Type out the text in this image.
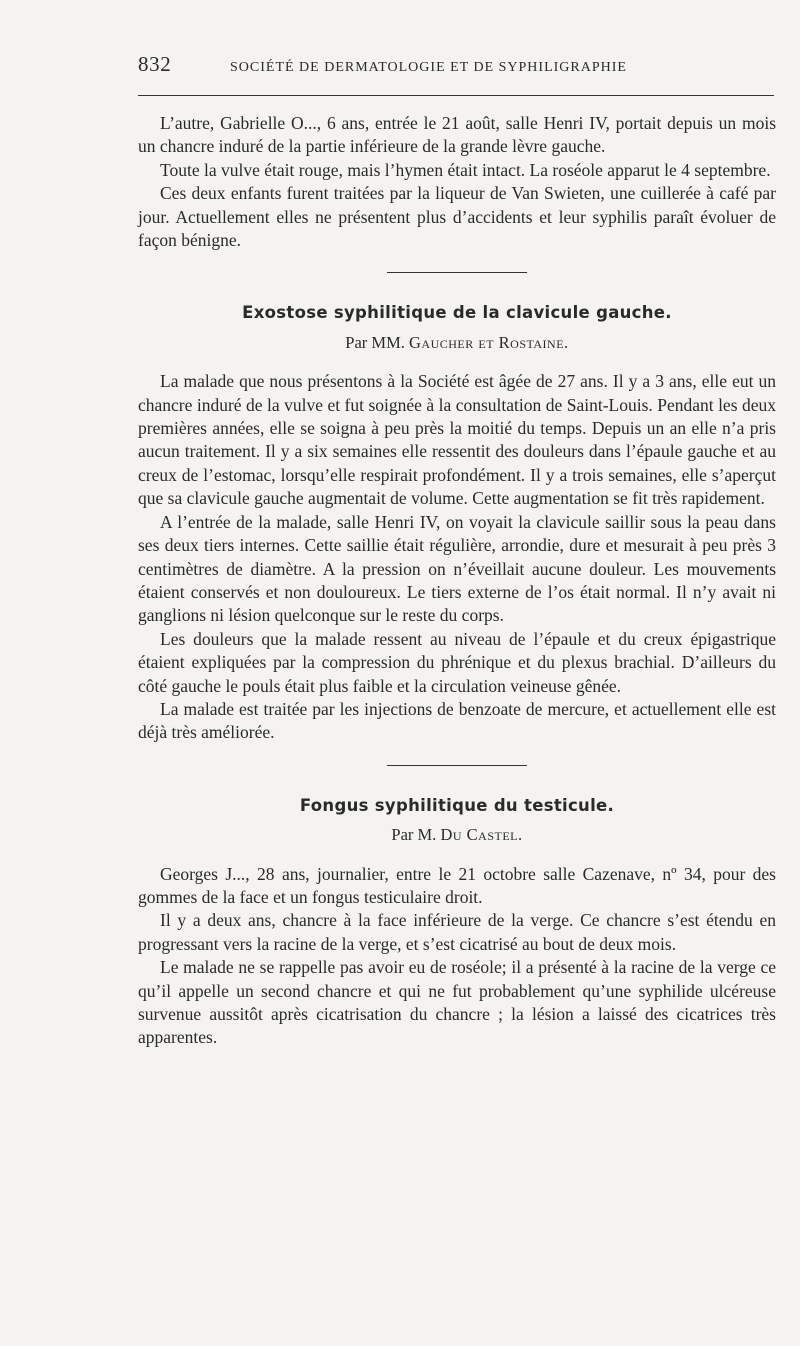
832	SOCIÉTÉ DE DERMATOLOGIE ET DE SYPHILIGRAPHIE

L’autre, Gabrielle O..., 6 ans, entrée le 21 août, salle Henri IV, portait depuis un mois un chancre induré de la partie inférieure de la grande lèvre gauche.

Toute la vulve était rouge, mais l’hymen était intact. La roséole apparut le 4 septembre.

Ces deux enfants furent traitées par la liqueur de Van Swieten, une cuillerée à café par jour. Actuellement elles ne présentent plus d’accidents et leur syphilis paraît évoluer de façon bénigne.

Exostose syphilitique de la clavicule gauche.
Par MM. Gaucher et Rostaine.

La malade que nous présentons à la Société est âgée de 27 ans. Il y a 3 ans, elle eut un chancre induré de la vulve et fut soignée à la consultation de Saint-Louis. Pendant les deux premières années, elle se soigna à peu près la moitié du temps. Depuis un an elle n’a pris aucun traitement. Il y a six semaines elle ressentit des douleurs dans l’épaule gauche et au creux de l’estomac, lorsqu’elle respirait profondément. Il y a trois semaines, elle s’aperçut que sa clavicule gauche augmentait de volume. Cette augmentation se fit très rapidement.

A l’entrée de la malade, salle Henri IV, on voyait la clavicule saillir sous la peau dans ses deux tiers internes. Cette saillie était régulière, arrondie, dure et mesurait à peu près 3 centimètres de diamètre. A la pression on n’éveillait aucune douleur. Les mouvements étaient conservés et non douloureux. Le tiers externe de l’os était normal. Il n’y avait ni ganglions ni lésion quelconque sur le reste du corps.

Les douleurs que la malade ressent au niveau de l’épaule et du creux épigastrique étaient expliquées par la compression du phrénique et du plexus brachial. D’ailleurs du côté gauche le pouls était plus faible et la circulation veineuse gênée.

La malade est traitée par les injections de benzoate de mercure, et actuellement elle est déjà très améliorée.

Fongus syphilitique du testicule.
Par M. Du Castel.

Georges J..., 28 ans, journalier, entre le 21 octobre salle Cazenave, nº 34, pour des gommes de la face et un fongus testiculaire droit.

Il y a deux ans, chancre à la face inférieure de la verge. Ce chancre s’est étendu en progressant vers la racine de la verge, et s’est cicatrisé au bout de deux mois.

Le malade ne se rappelle pas avoir eu de roséole; il a présenté à la racine de la verge ce qu’il appelle un second chancre et qui ne fut probablement qu’une syphilide ulcéreuse survenue aussitôt après cicatrisation du chancre ; la lésion a laissé des cicatrices très apparentes.
